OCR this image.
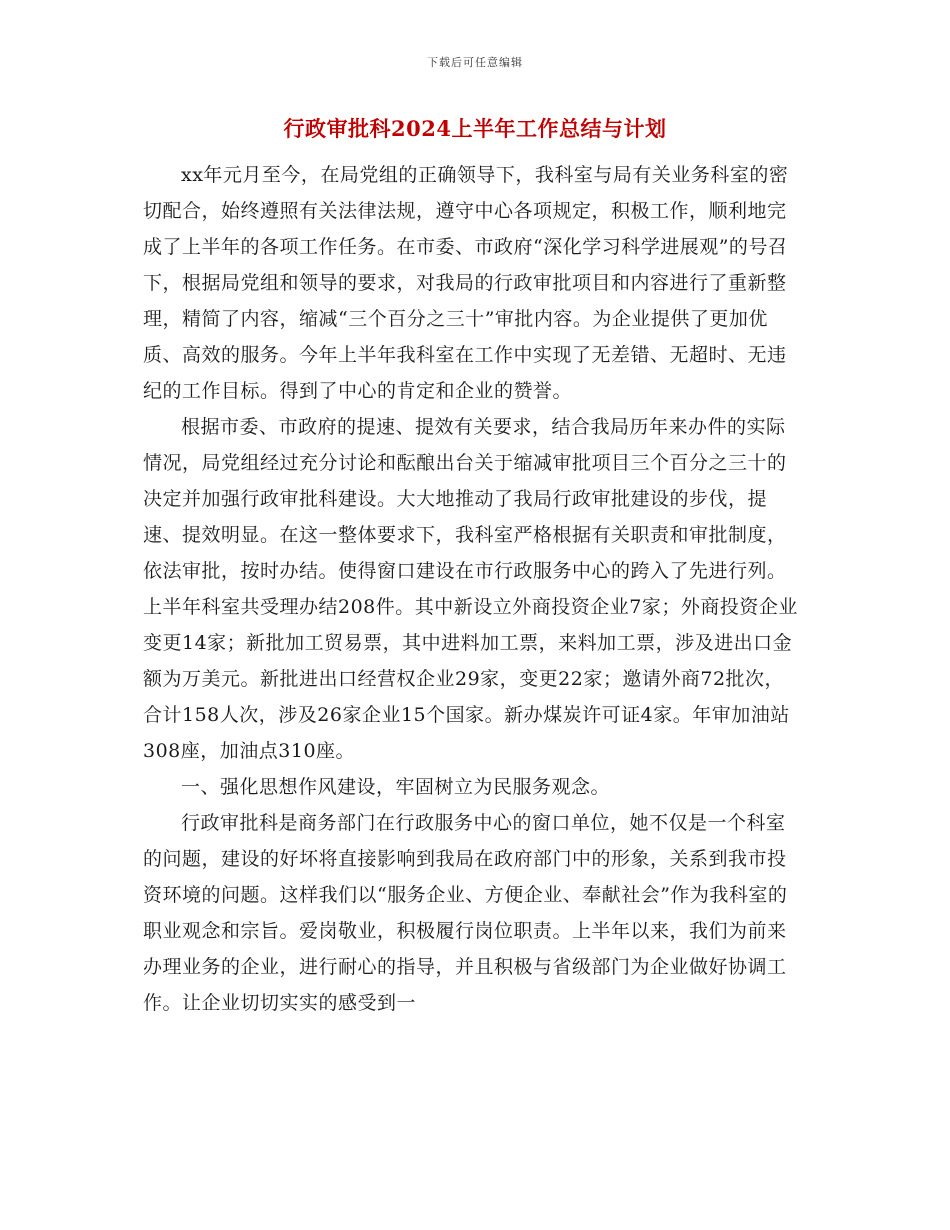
下载后可任意编辑
行政审批科2024上半年工作总结与计划

xx年元月至今，在局党组的正确领导下，我科室与局有关业务科室的密切配合，始终遵照有关法律法规，遵守中心各项规定，积极工作，顺利地完成了上半年的各项工作任务。在市委、市政府“深化学习科学进展观”的号召下，根据局党组和领导的要求，对我局的行政审批项目和内容进行了重新整理，精简了内容，缩减“三个百分之三十”审批内容。为企业提供了更加优质、高效的服务。今年上半年我科室在工作中实现了无差错、无超时、无违纪的工作目标。得到了中心的肯定和企业的赞誉。

根据市委、市政府的提速、提效有关要求，结合我局历年来办件的实际情况，局党组经过充分讨论和酝酿出台关于缩减审批项目三个百分之三十的决定并加强行政审批科建设。大大地推动了我局行政审批建设的步伐，提速、提效明显。在这一整体要求下，我科室严格根据有关职责和审批制度，依法审批，按时办结。使得窗口建设在市行政服务中心的跨入了先进行列。上半年科室共受理办结208件。其中新设立外商投资企业7家；外商投资企业变更14家；新批加工贸易票，其中进料加工票，来料加工票，涉及进出口金额为万美元。新批进出口经营权企业29家，变更22家；邀请外商72批次，合计158人次，涉及26家企业15个国家。新办煤炭许可证4家。年审加油站308座，加油点310座。

一、强化思想作风建设，牢固树立为民服务观念。

行政审批科是商务部门在行政服务中心的窗口单位，她不仅是一个科室的问题，建设的好坏将直接影响到我局在政府部门中的形象，关系到我市投资环境的问题。这样我们以“服务企业、方便企业、奉献社会”作为我科室的职业观念和宗旨。爱岗敬业，积极履行岗位职责。上半年以来，我们为前来办理业务的企业，进行耐心的指导，并且积极与省级部门为企业做好协调工作。让企业切切实实的感受到一
